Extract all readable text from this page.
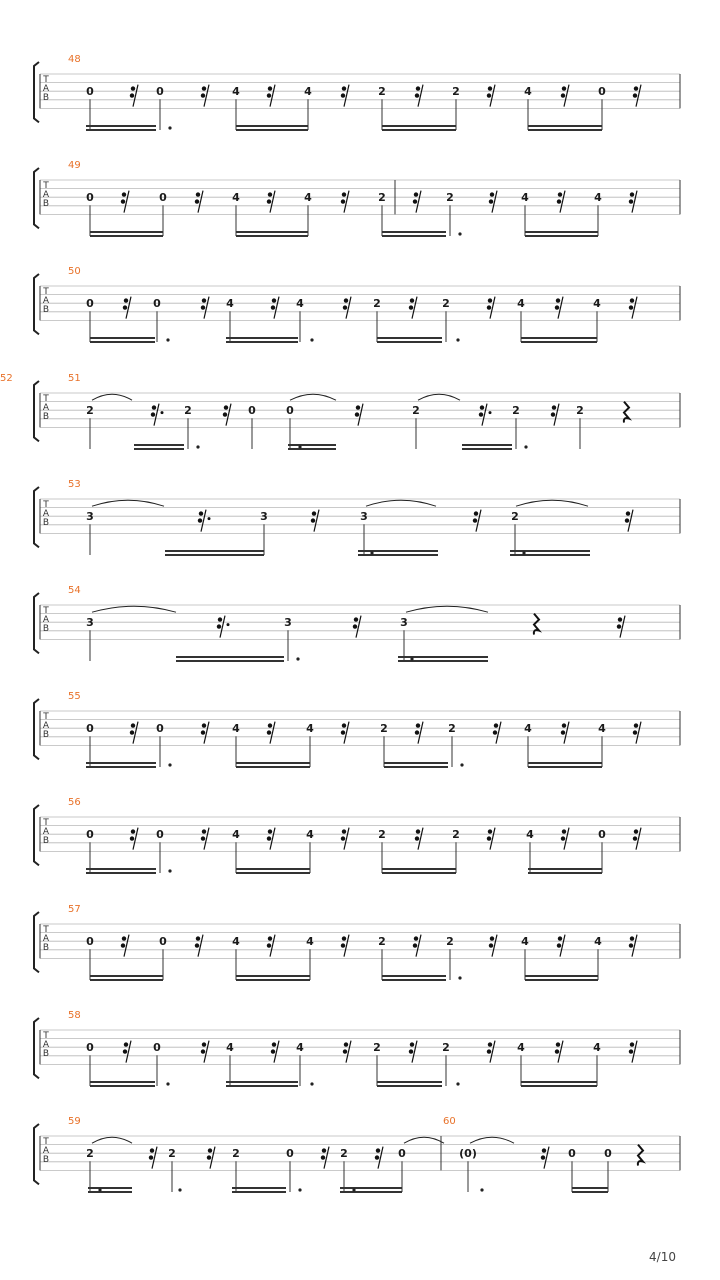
T
A
B
48
0	0	4	4	2	2	4	0
T
A
B
49
0	0	4	4	2	2	4	4
T
A
B
50
0	0	4	4	2	2	4	4
T
A
B
51
2	2	0	0
52
2	2	2
T
A
B
53
3	3	3	2
T
A
B
54
3	3	3
T
A
B
55
0	0	4	4	2	2	4	4
T
A
B
56
0	0	4	4	2	2	4	0
T
A
B
57
0	0	4	4	2	2	4	4
T
A
B
58
0	0	4	4	2	2	4	4
T
A
B
59
2	2	2	0	2	0
60
(0)	0	0
4/10
